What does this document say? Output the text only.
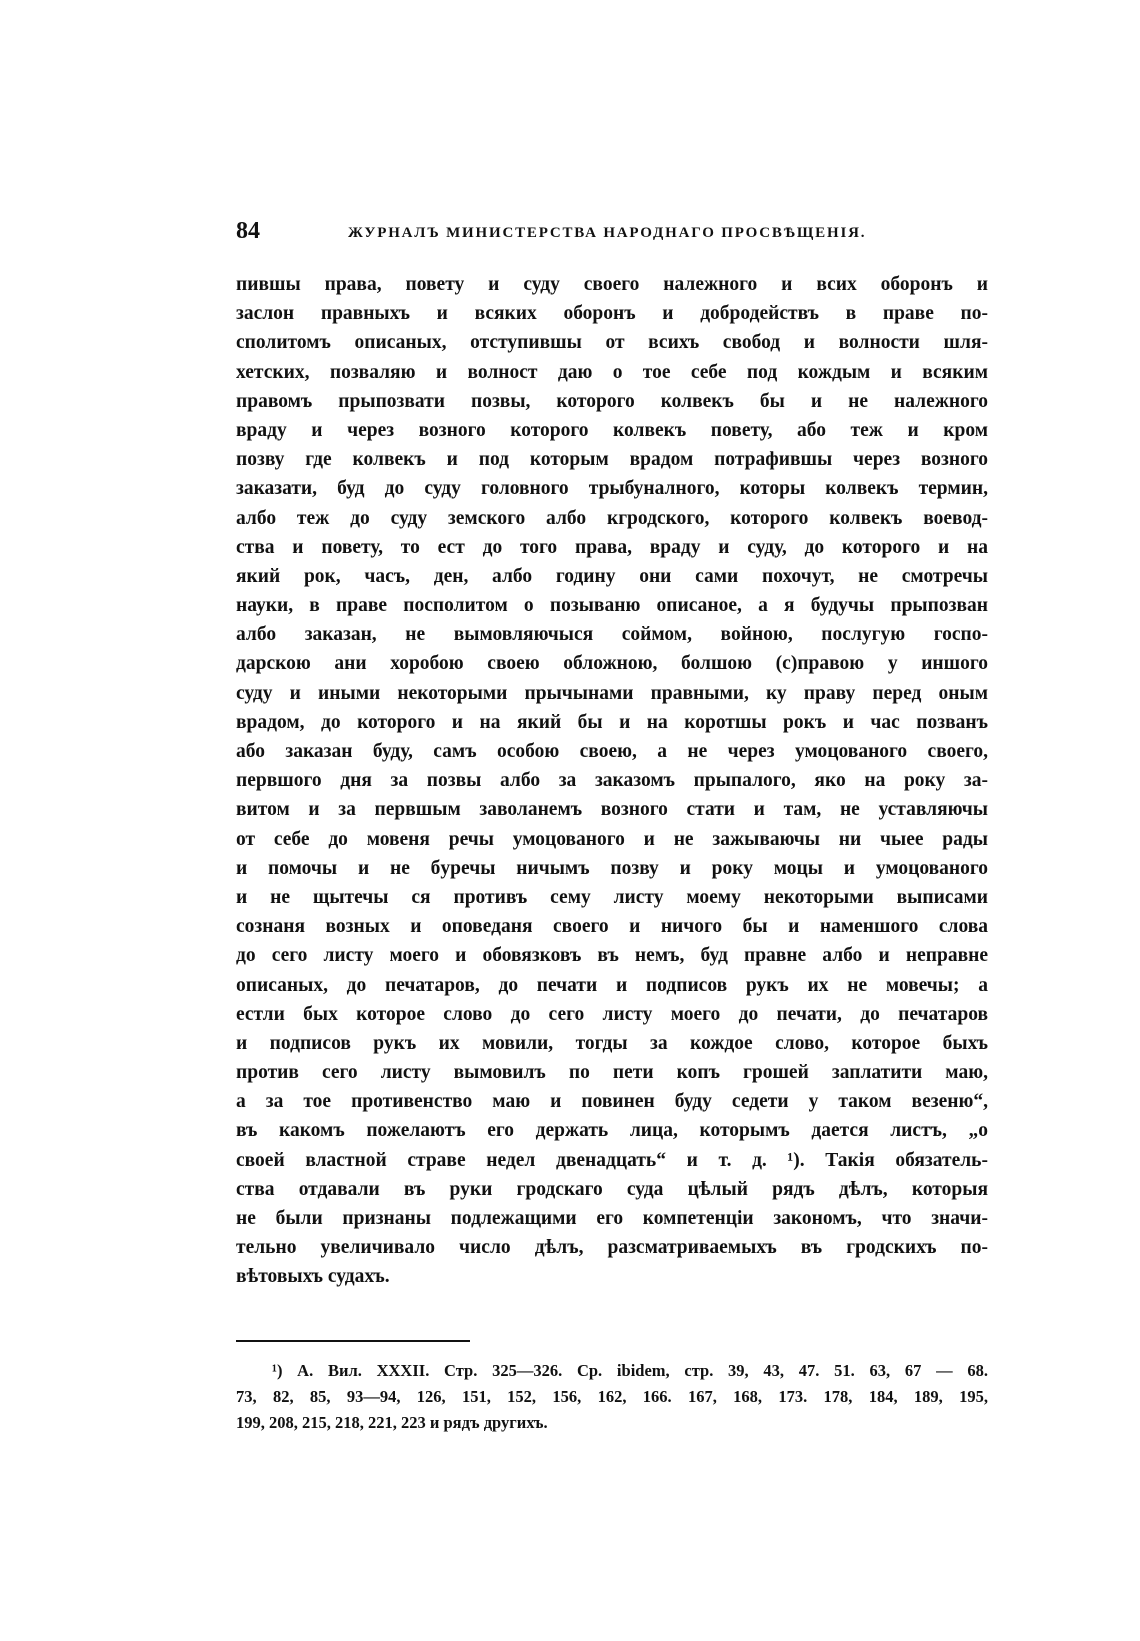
84	ЖУРНАЛЪ МИНИСТЕРСТВА НАРОДНАГО ПРОСВѢЩЕНІЯ.
пившы права, повету и суду своего належного и всих оборонъ и
заслон правныхъ и всяких оборонъ и добродействъ в праве по-
сполитомъ описаных, отступившы от всихъ свобод и волности шля-
хетских, позваляю и волност даю о тое себе под кождым и всяким
правомъ прыпозвати позвы, которого колвекъ бы и не належного
враду и через возного которого колвекъ повету, або теж и кром
позву где колвекъ и под которым врадом потрафившы через возного
заказати, буд до суду головного трыбуналного, которы колвекъ термин,
албо теж до суду земского албо кгродского, которого колвекъ воевод-
ства и повету, то ест до того права, враду и суду, до которого и на
який рок, часъ, ден, албо годину они сами похочут, не смотречы
науки, в праве посполитом о позываню описаное, а я будучы прыпозван
албо заказан, не вымовляючыся соймом, войною, послугую госпо-
дарскою ани хоробою своею обложною, болшою (с)правою у иншого
суду и иными некоторыми прычынами правными, ку праву перед оным
врадом, до которого и на який бы и на коротшы рокъ и час позванъ
або заказан буду, самъ особою своею, а не через умоцованого своего,
первшого дня за позвы албо за заказомъ прыпалого, яко на року за-
витом и за первшым заволанемъ возного стати и там, не уставляючы
от себе до мовеня речы умоцованого и не зажываючы ни чыее рады
и помочы и не бyречы ничымъ позву и року моцы и умоцованого
и не щытечы ся противъ сему листу моему некоторыми выписами
сознаня возных и оповеданя своего и ничого бы и наменшого слова
до сего листу моего и обовязковъ въ немъ, буд правне албо и неправне
описаных, до печатаров, до печати и подписов рукъ их не мовечы; а
естли бых которое слово до сего листу моего до печати, до печатаров
и подписов рукъ их мовили, тогды за кождое слово, которое быхъ
против сего листу вымовилъ по пети копъ грошей заплатити маю,
а за тое противенство маю и повинен буду седети у таком везеню“,
въ какомъ пожелаютъ его держать лица, которымъ дается листъ, „о
своей властной страве недел двенадцать“ и т. д. ¹). Такія обязатель-
ства отдавали въ руки гродскаго суда цѣлый рядъ дѣлъ, которыя
не были признаны подлежащими его компетенціи закономъ, что значи-
тельно увеличивало число дѣлъ, разсматриваемыхъ въ гродскихъ по-
вѣтовыхъ судахъ.
¹) А. Вил. XXXII. Стр. 325—326. Ср. ibidem, стр. 39, 43, 47. 51. 63, 67 — 68.
73, 82, 85, 93—94, 126, 151, 152, 156, 162, 166. 167, 168, 173. 178, 184, 189, 195,
199, 208, 215, 218, 221, 223 и рядъ другихъ.
